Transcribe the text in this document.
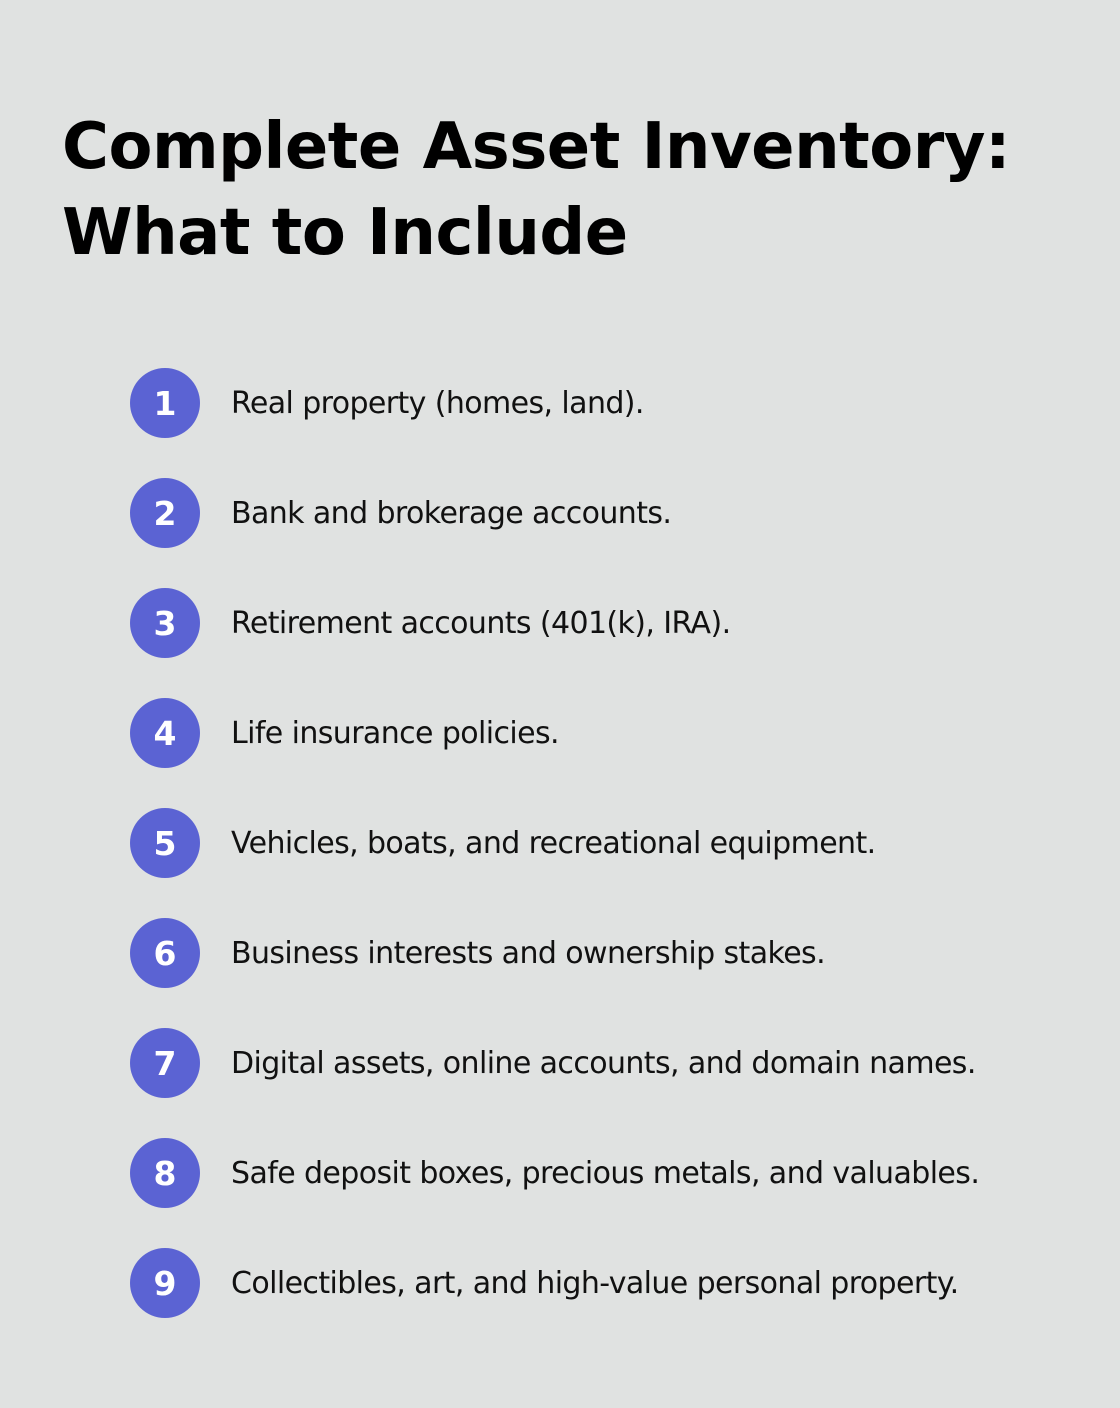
Complete Asset Inventory:
What to Include
1	Real property (homes, land).
2	Bank and brokerage accounts.
3	Retirement accounts (401(k), IRA).
4	Life insurance policies.
5	Vehicles, boats, and recreational equipment.
6	Business interests and ownership stakes.
7	Digital assets, online accounts, and domain names.
8	Safe deposit boxes, precious metals, and valuables.
9	Collectibles, art, and high-value personal property.
